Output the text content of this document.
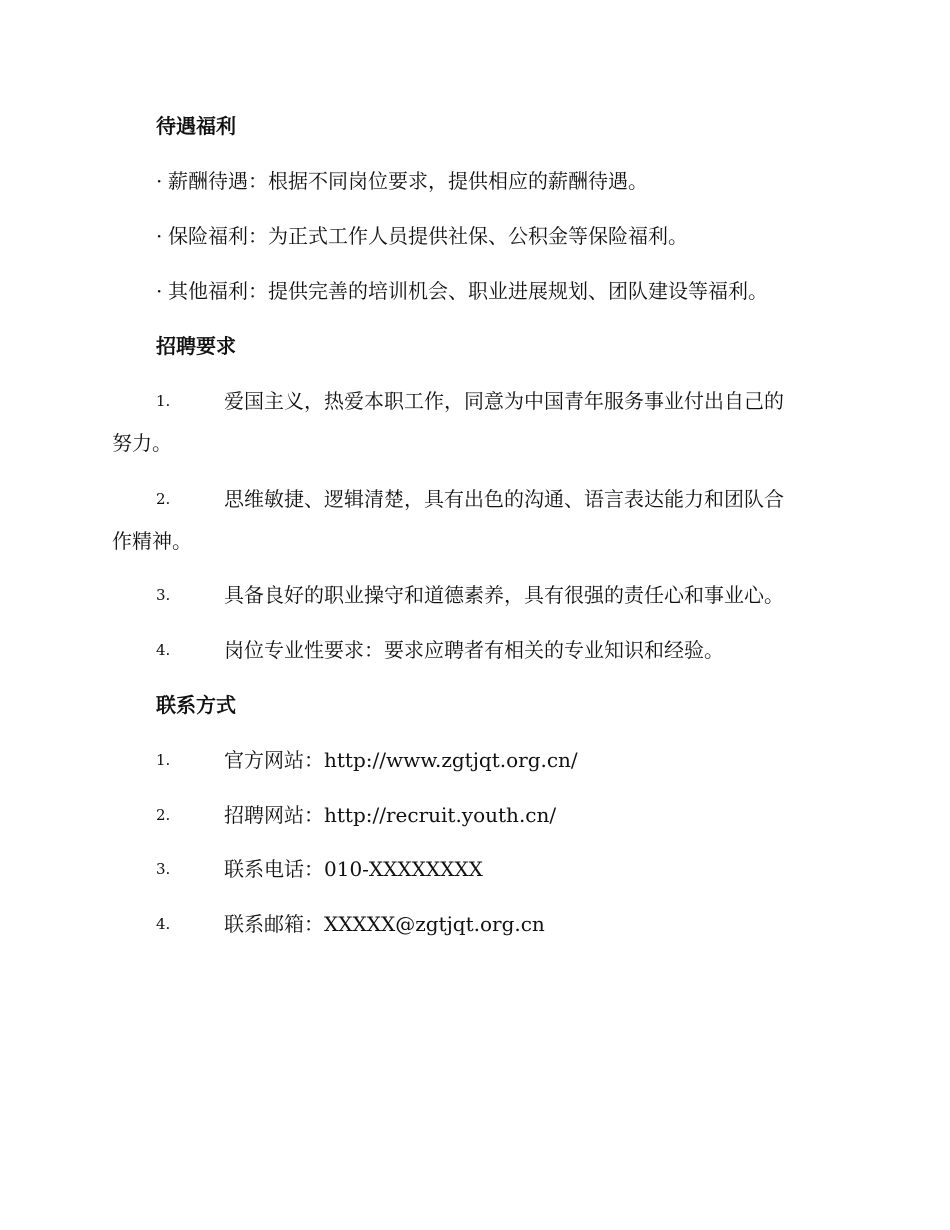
待遇福利
· 薪酬待遇：根据不同岗位要求，提供相应的薪酬待遇。
· 保险福利：为正式工作人员提供社保、公积金等保险福利。
· 其他福利：提供完善的培训机会、职业进展规划、团队建设等福利。
招聘要求
1.	爱国主义，热爱本职工作，同意为中国青年服务事业付出自己的
努力。
2.	思维敏捷、逻辑清楚，具有出色的沟通、语言表达能力和团队合
作精神。
3.	具备良好的职业操守和道德素养，具有很强的责任心和事业心。
4.	岗位专业性要求：要求应聘者有相关的专业知识和经验。
联系方式
1.	官方网站：http://www.zgtjqt.org.cn/
2.	招聘网站：http://recruit.youth.cn/
3.	联系电话：010-XXXXXXXX
4.	联系邮箱：XXXXX@zgtjqt.org.cn
